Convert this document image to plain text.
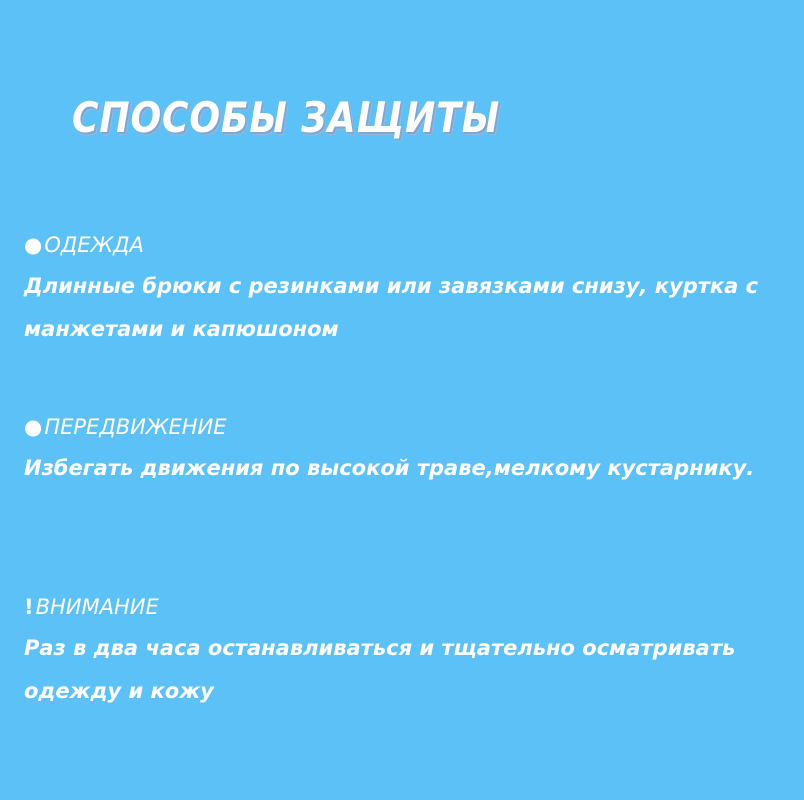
СПОСОБЫ ЗАЩИТЫ
●ОДЕЖДА
Длинные брюки с резинками или завязками снизу, куртка с манжетами и капюшоном
●ПЕРЕДВИЖЕНИЕ
Избегать движения по высокой траве,мелкому кустарнику.
!ВНИМАНИЕ
Раз в два часа останавливаться и тщательно осматривать одежду и кожу
